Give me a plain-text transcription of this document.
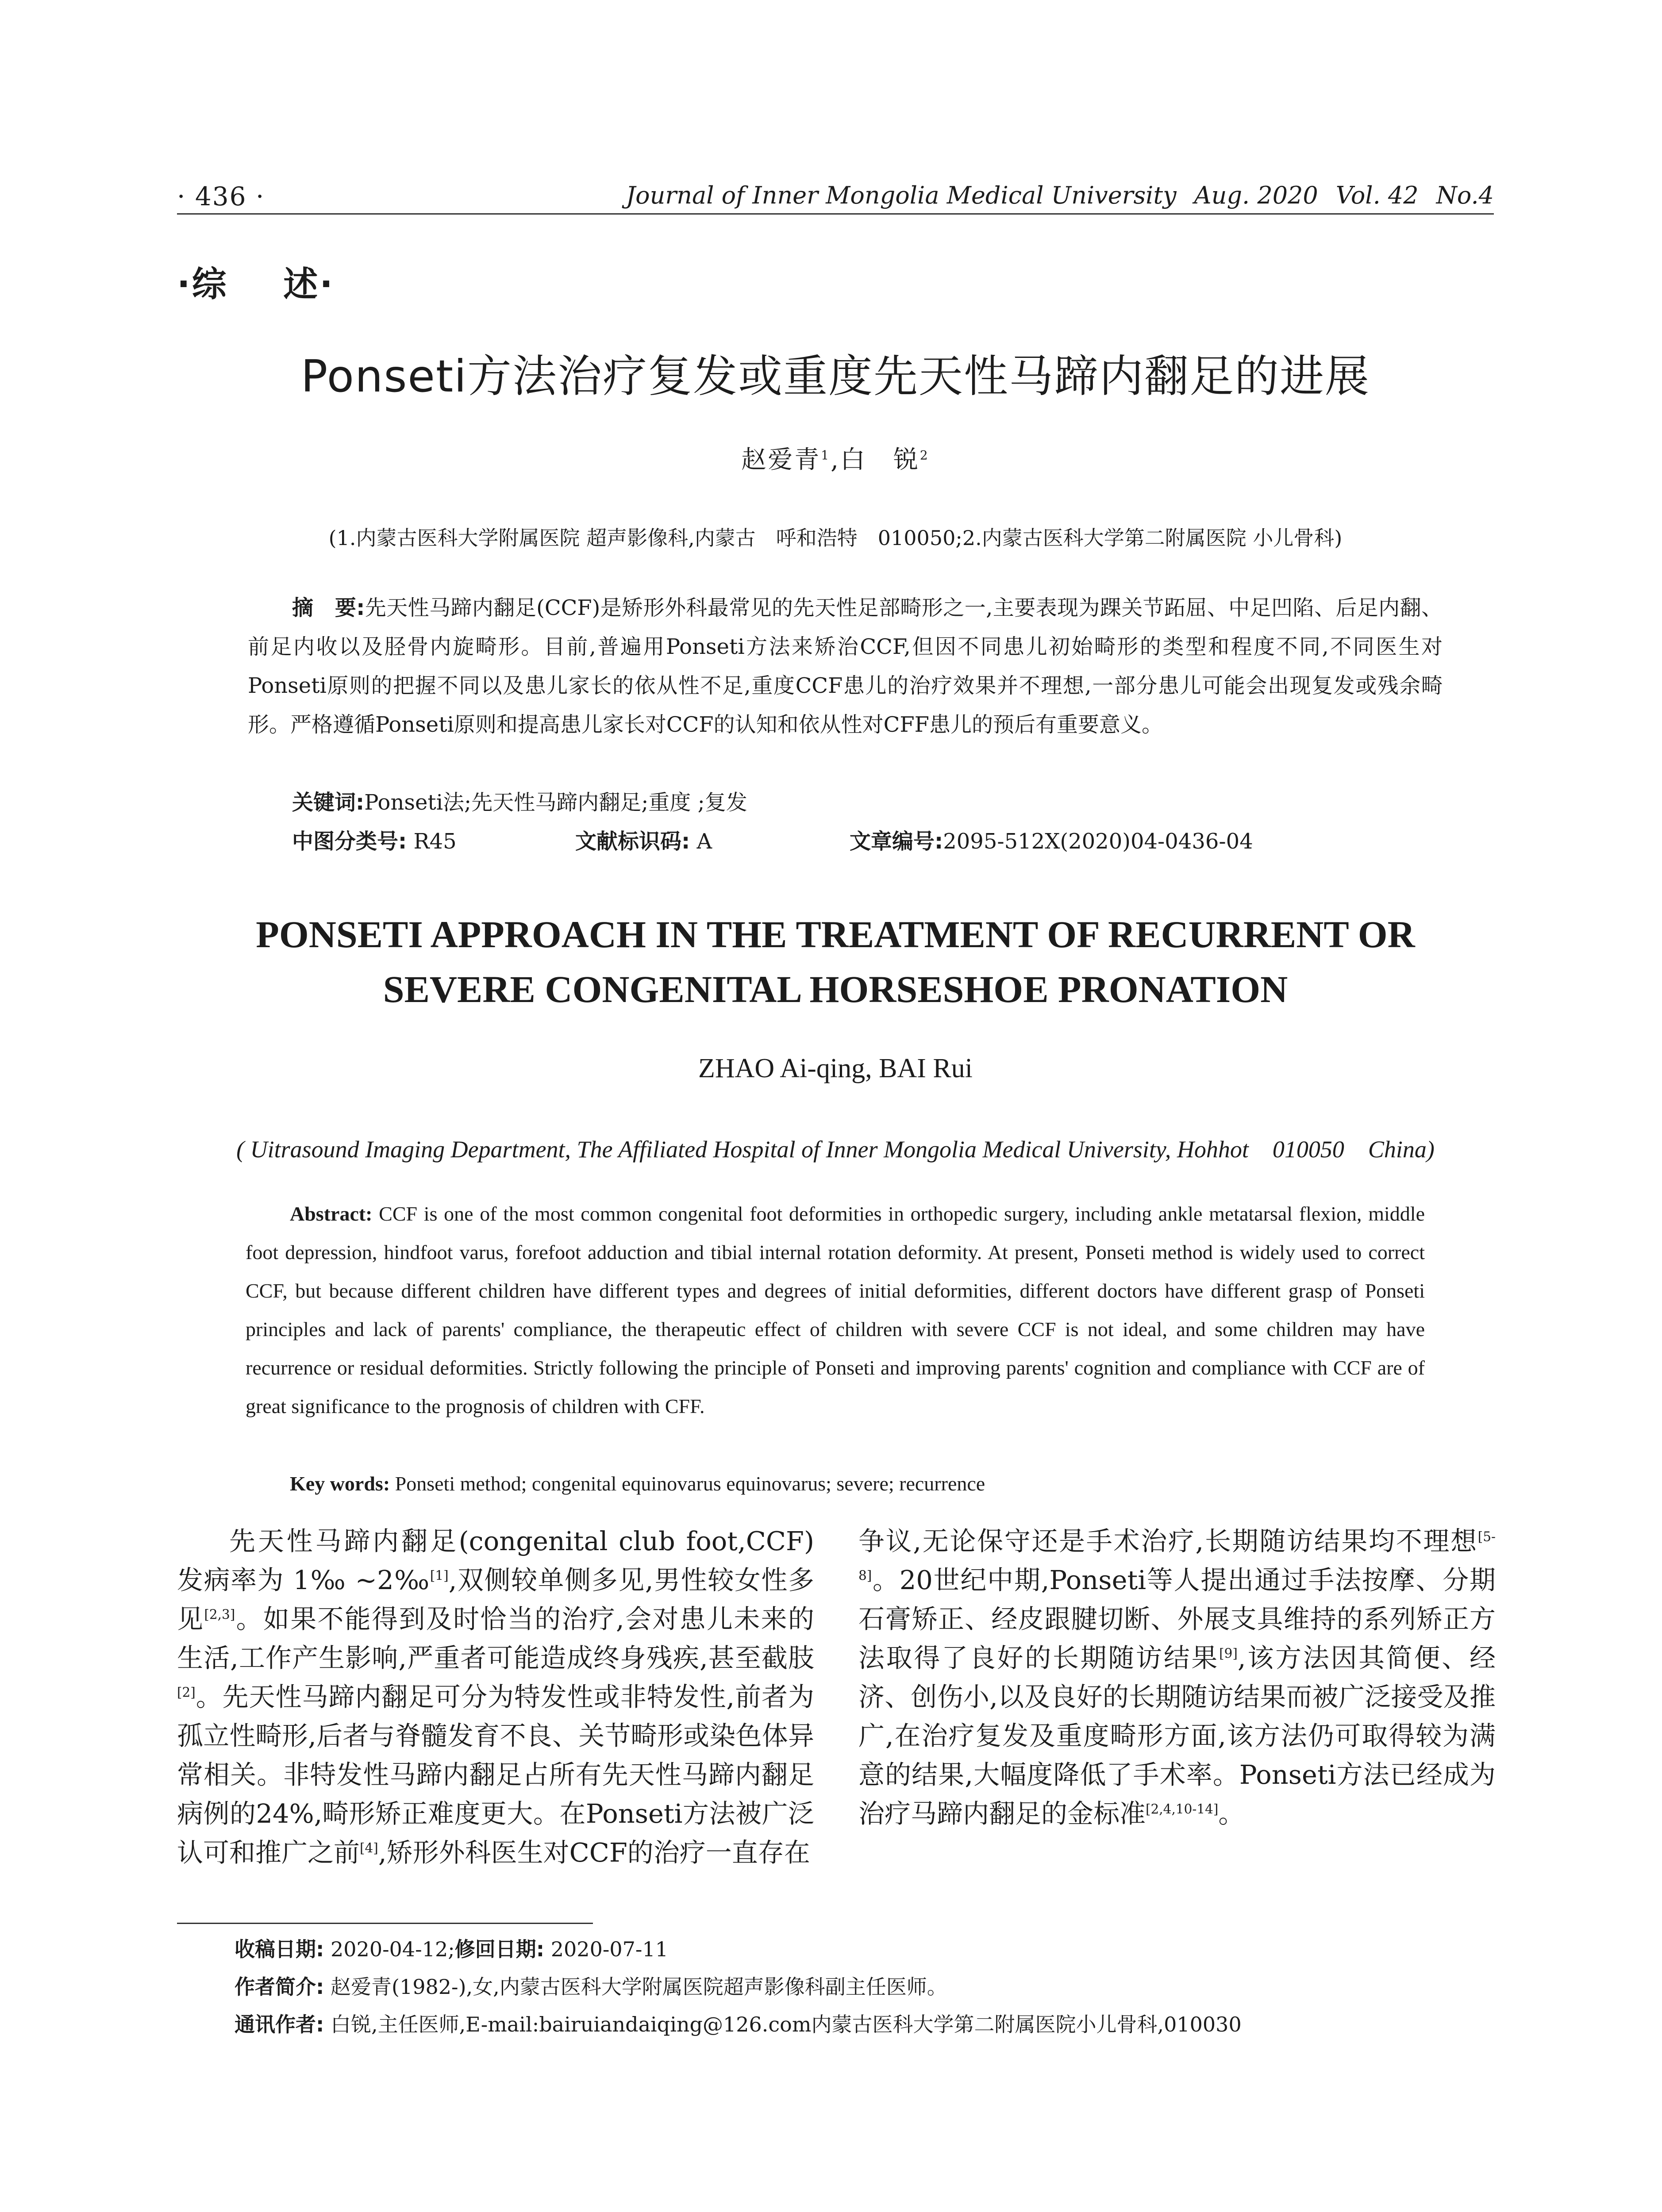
· 436 ·	Journal of Inner Mongolia Medical University Aug. 2020 Vol. 42 No.4
·综    述·
Ponseti方法治疗复发或重度先天性马蹄内翻足的进展
赵爱青$^1$,白　锐$^2$
(1.内蒙古医科大学附属医院 超声影像科,内蒙古　呼和浩特　010050;2.内蒙古医科大学第二附属医院 小儿骨科)
摘　要:先天性马蹄内翻足(CCF)是矫形外科最常见的先天性足部畸形之一,主要表现为踝关节跖屈、中足凹陷、后足内翻、前足内收以及胫骨内旋畸形。目前,普遍用Ponseti方法来矫治CCF,但因不同患儿初始畸形的类型和程度不同,不同医生对Ponseti原则的把握不同以及患儿家长的依从性不足,重度CCF患儿的治疗效果并不理想,一部分患儿可能会出现复发或残余畸形。严格遵循Ponseti原则和提高患儿家长对CCF的认知和依从性对CFF患儿的预后有重要意义。
关键词:Ponseti法;先天性马蹄内翻足;重度 ;复发
中图分类号: R45	文献标识码: A	文章编号:2095-512X(2020)04-0436-04
PONSETI APPROACH IN THE TREATMENT OF RECURRENT OR
SEVERE CONGENITAL HORSESHOE PRONATION
ZHAO Ai-qing, BAI Rui
( Uitrasound Imaging Department, The Affiliated Hospital of Inner Mongolia Medical University, Hohhot　010050　China)
Abstract: CCF is one of the most common congenital foot deformities in orthopedic surgery, including ankle metatarsal flexion, middle foot depression, hindfoot varus, forefoot adduction and tibial internal rotation deformity. At present, Ponseti method is widely used to correct CCF, but because different children have different types and degrees of initial deformities, different doctors have different grasp of Ponseti principles and lack of parents' compliance, the therapeutic effect of children with severe CCF is not ideal, and some children may have recurrence or residual deformities. Strictly following the principle of Ponseti and improving parents' cognition and compliance with CCF are of great significance to the prognosis of children with CFF.
Key words: Ponseti method; congenital equinovarus equinovarus; severe; recurrence

先天性马蹄内翻足(congenital club foot,CCF)发病率为 1‰ ~2‰[1],双侧较单侧多见,男性较女性多见[2,3]。如果不能得到及时恰当的治疗,会对患儿未来的生活,工作产生影响,严重者可能造成终身残疾,甚至截肢[2]。先天性马蹄内翻足可分为特发性或非特发性,前者为孤立性畸形,后者与脊髓发育不良、关节畸形或染色体异常相关。非特发性马蹄内翻足占所有先天性马蹄内翻足病例的24%,畸形矫正难度更大。在Ponseti方法被广泛认可和推广之前[4],矫形外科医生对CCF的治疗一直存在

争议,无论保守还是手术治疗,长期随访结果均不理想[5-8]。20世纪中期,Ponseti等人提出通过手法按摩、分期石膏矫正、经皮跟腱切断、外展支具维持的系列矫正方法取得了良好的长期随访结果[9],该方法因其简便、经济、创伤小,以及良好的长期随访结果而被广泛接受及推广,在治疗复发及重度畸形方面,该方法仍可取得较为满意的结果,大幅度降低了手术率。Ponseti方法已经成为治疗马蹄内翻足的金标准[2,4,10-14]。

收稿日期: 2020-04-12;修回日期: 2020-07-11
作者简介: 赵爱青(1982-),女,内蒙古医科大学附属医院超声影像科副主任医师。
通讯作者: 白锐,主任医师,E-mail:bairuiandaiqing@126.com内蒙古医科大学第二附属医院小儿骨科,010030
